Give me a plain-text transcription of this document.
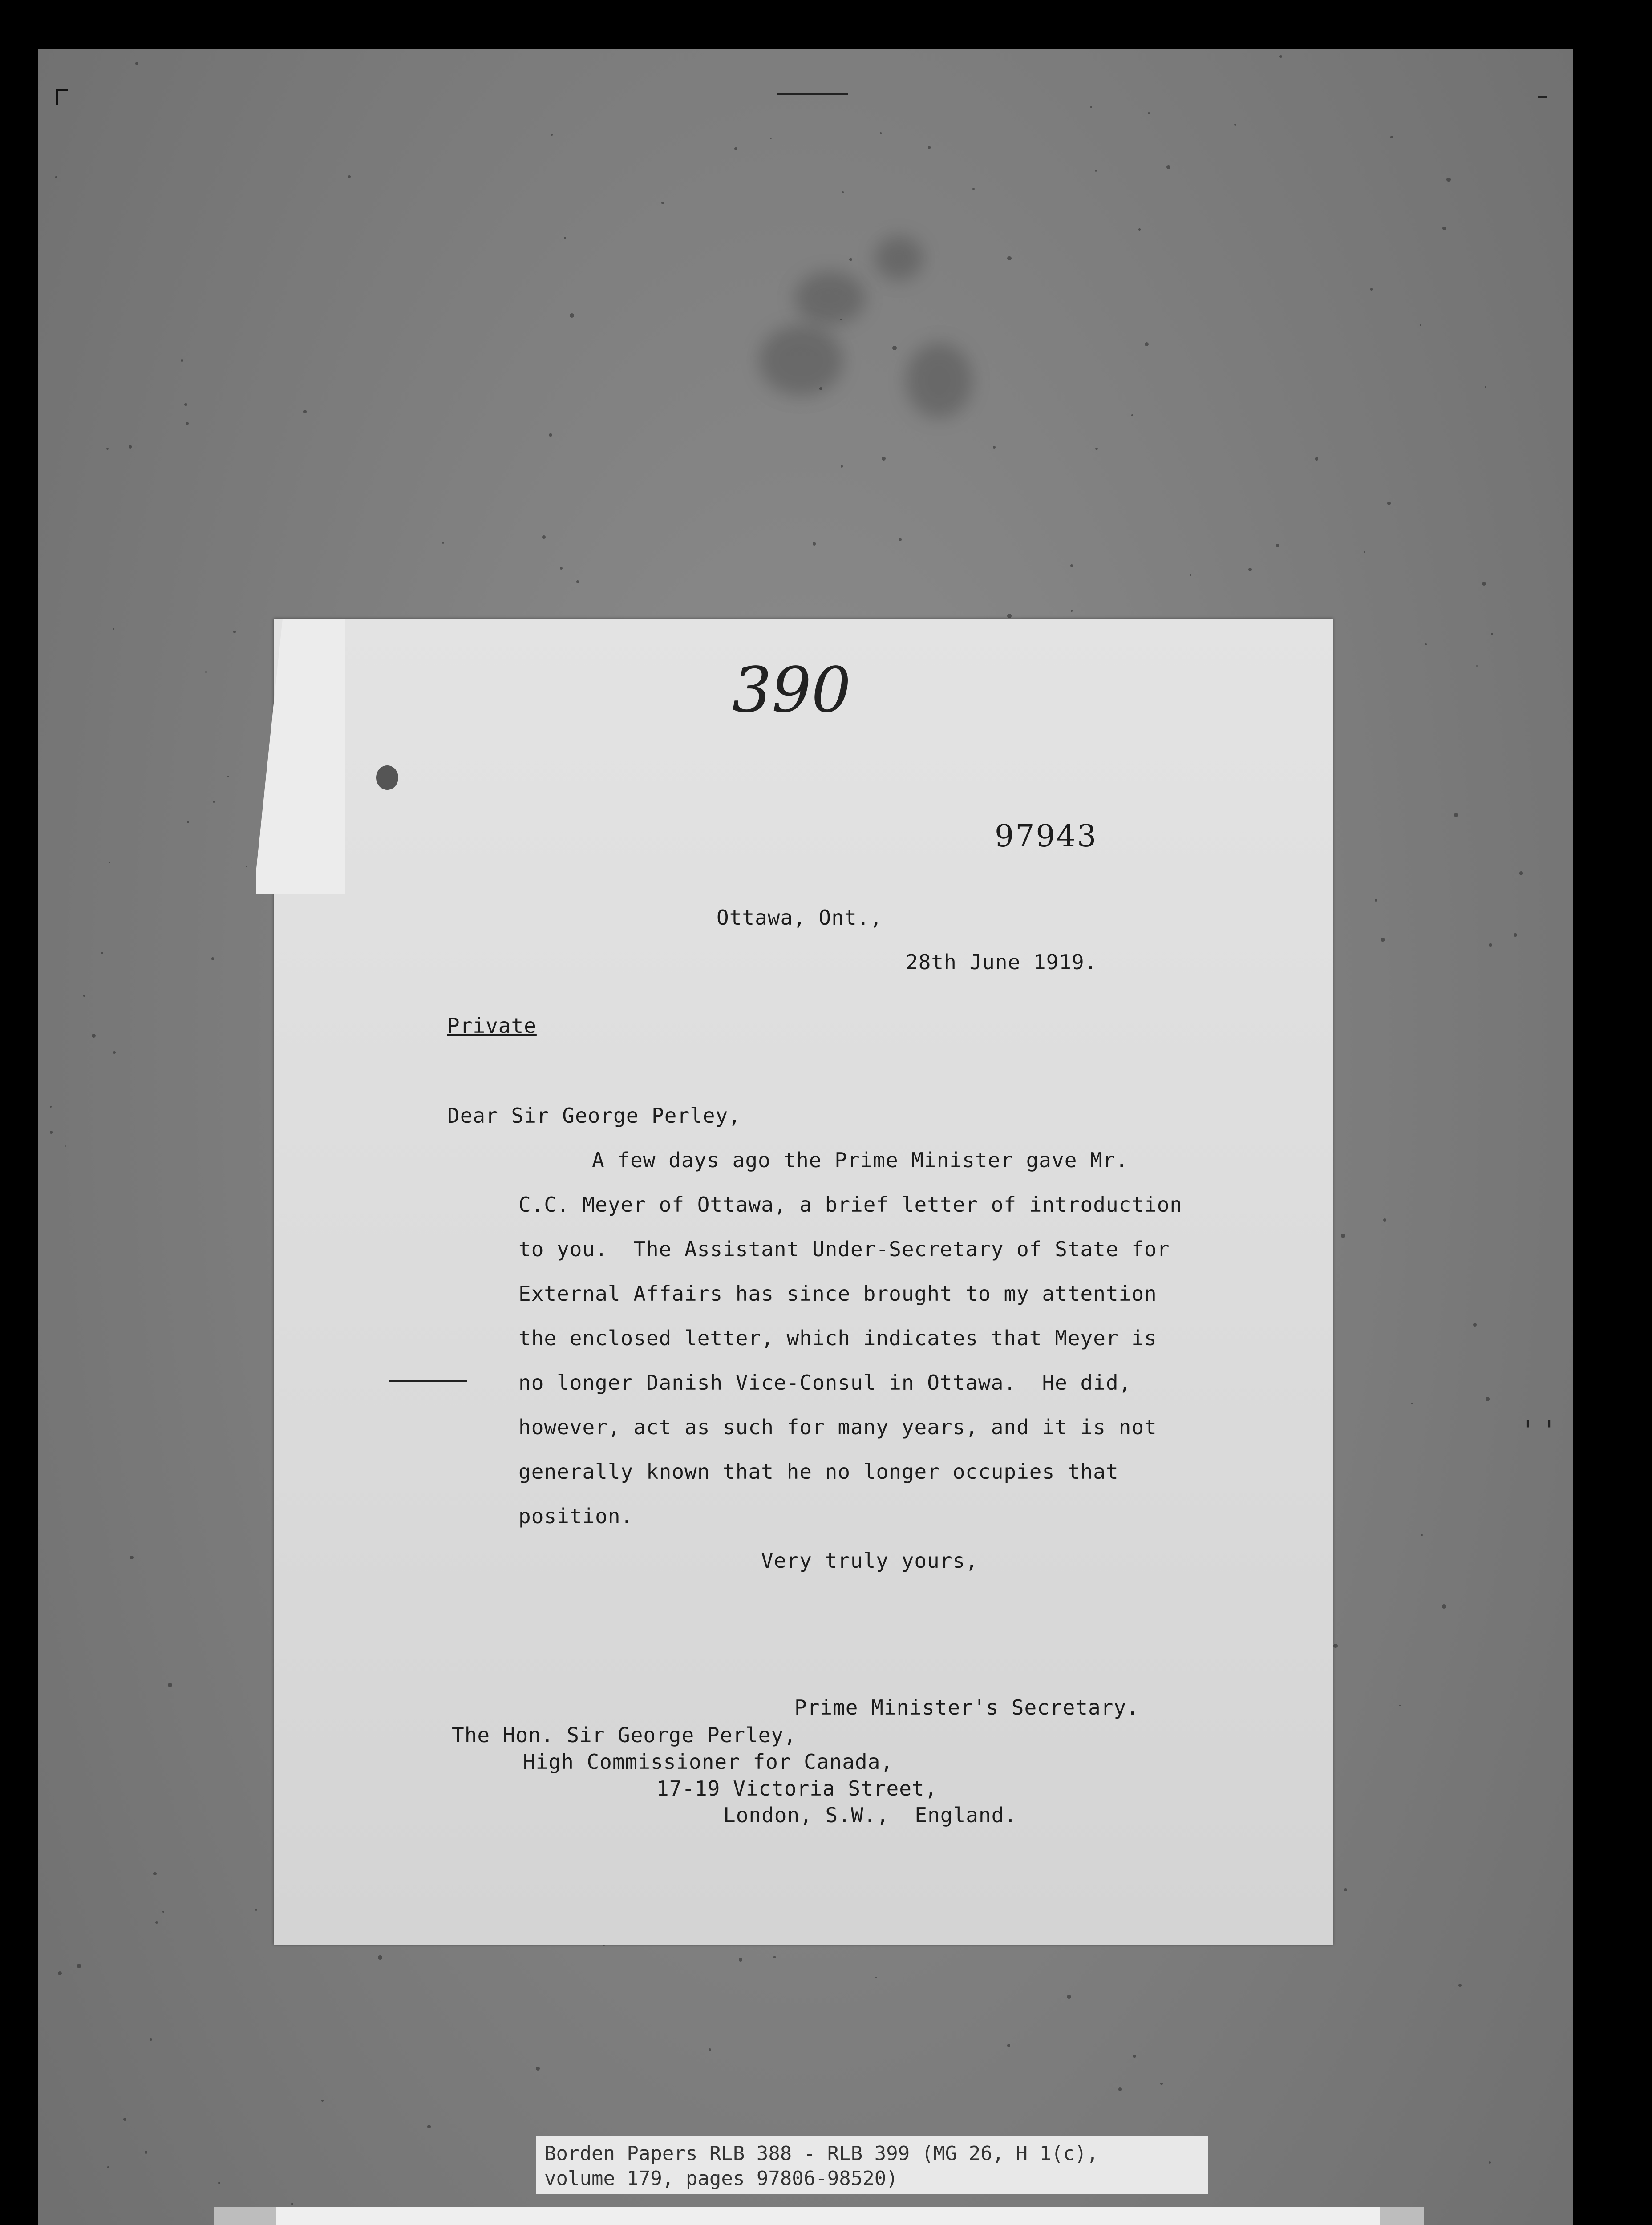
' '
390
97943
Ottawa, Ont.,
28th June 1919.
Private
Dear Sir George Perley,
A few days ago the Prime Minister gave Mr.
C.C. Meyer of Ottawa, a brief letter of introduction
to you.  The Assistant Under-Secretary of State for
External Affairs has since brought to my attention
the enclosed letter, which indicates that Meyer is
no longer Danish Vice-Consul in Ottawa.  He did,
however, act as such for many years, and it is not
generally known that he no longer occupies that
position.
Very truly yours,
Prime Minister's Secretary.
The Hon. Sir George Perley,
High Commissioner for Canada,
17-19 Victoria Street,
London, S.W.,  England.
Borden Papers RLB 388 - RLB 399 (MG 26, H 1(c),
volume 179, pages 97806-98520)
